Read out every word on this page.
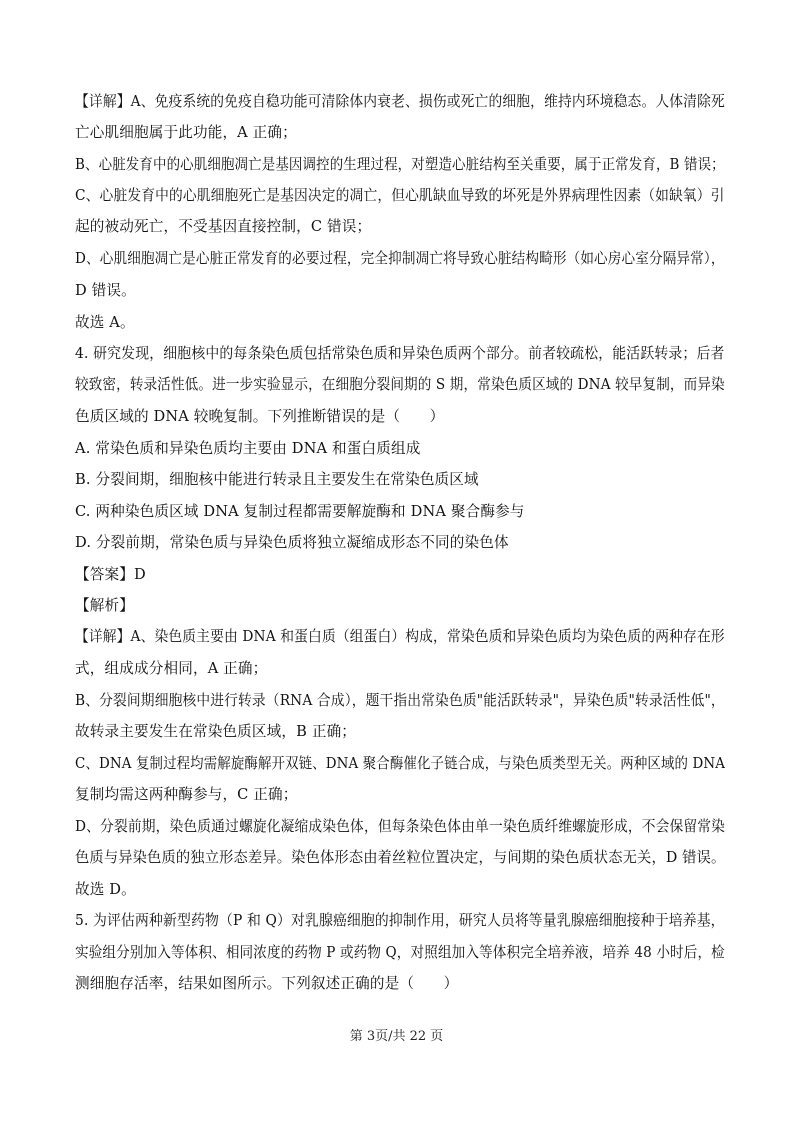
【详解】A、免疫系统的免疫自稳功能可清除体内衰老、损伤或死亡的细胞，维持内环境稳态。人体清除死
亡心肌细胞属于此功能，A 正确；
B、心脏发育中的心肌细胞凋亡是基因调控的生理过程，对塑造心脏结构至关重要，属于正常发育，B 错误；
C、心脏发育中的心肌细胞死亡是基因决定的凋亡，但心肌缺血导致的坏死是外界病理性因素（如缺氧）引
起的被动死亡，不受基因直接控制，C 错误；
D、心肌细胞凋亡是心脏正常发育的必要过程，完全抑制凋亡将导致心脏结构畸形（如心房心室分隔异常），
D 错误。
故选 A。
4. 研究发现，细胞核中的每条染色质包括常染色质和异染色质两个部分。前者较疏松，能活跃转录；后者
较致密，转录活性低。进一步实验显示，在细胞分裂间期的 S 期，常染色质区域的 DNA 较早复制，而异染
色质区域的 DNA 较晚复制。下列推断错误的是（　　）
A. 常染色质和异染色质均主要由 DNA 和蛋白质组成
B. 分裂间期，细胞核中能进行转录且主要发生在常染色质区域
C. 两种染色质区域 DNA 复制过程都需要解旋酶和 DNA 聚合酶参与
D. 分裂前期，常染色质与异染色质将独立凝缩成形态不同的染色体
【答案】D
【解析】
【详解】A、染色质主要由 DNA 和蛋白质（组蛋白）构成，常染色质和异染色质均为染色质的两种存在形
式，组成成分相同，A 正确；
B、分裂间期细胞核中进行转录（RNA 合成），题干指出常染色质"能活跃转录"，异染色质"转录活性低"，
故转录主要发生在常染色质区域，B 正确；
C、DNA 复制过程均需解旋酶解开双链、DNA 聚合酶催化子链合成，与染色质类型无关。两种区域的 DNA
复制均需这两种酶参与，C 正确；
D、分裂前期，染色质通过螺旋化凝缩成染色体，但每条染色体由单一染色质纤维螺旋形成，不会保留常染
色质与异染色质的独立形态差异。染色体形态由着丝粒位置决定，与间期的染色质状态无关，D 错误。
故选 D。
5. 为评估两种新型药物（P 和 Q）对乳腺癌细胞的抑制作用，研究人员将等量乳腺癌细胞接种于培养基，
实验组分别加入等体积、相同浓度的药物 P 或药物 Q，对照组加入等体积完全培养液，培养 48 小时后，检
测细胞存活率，结果如图所示。下列叙述正确的是（　　）
第 3页/共 22 页
